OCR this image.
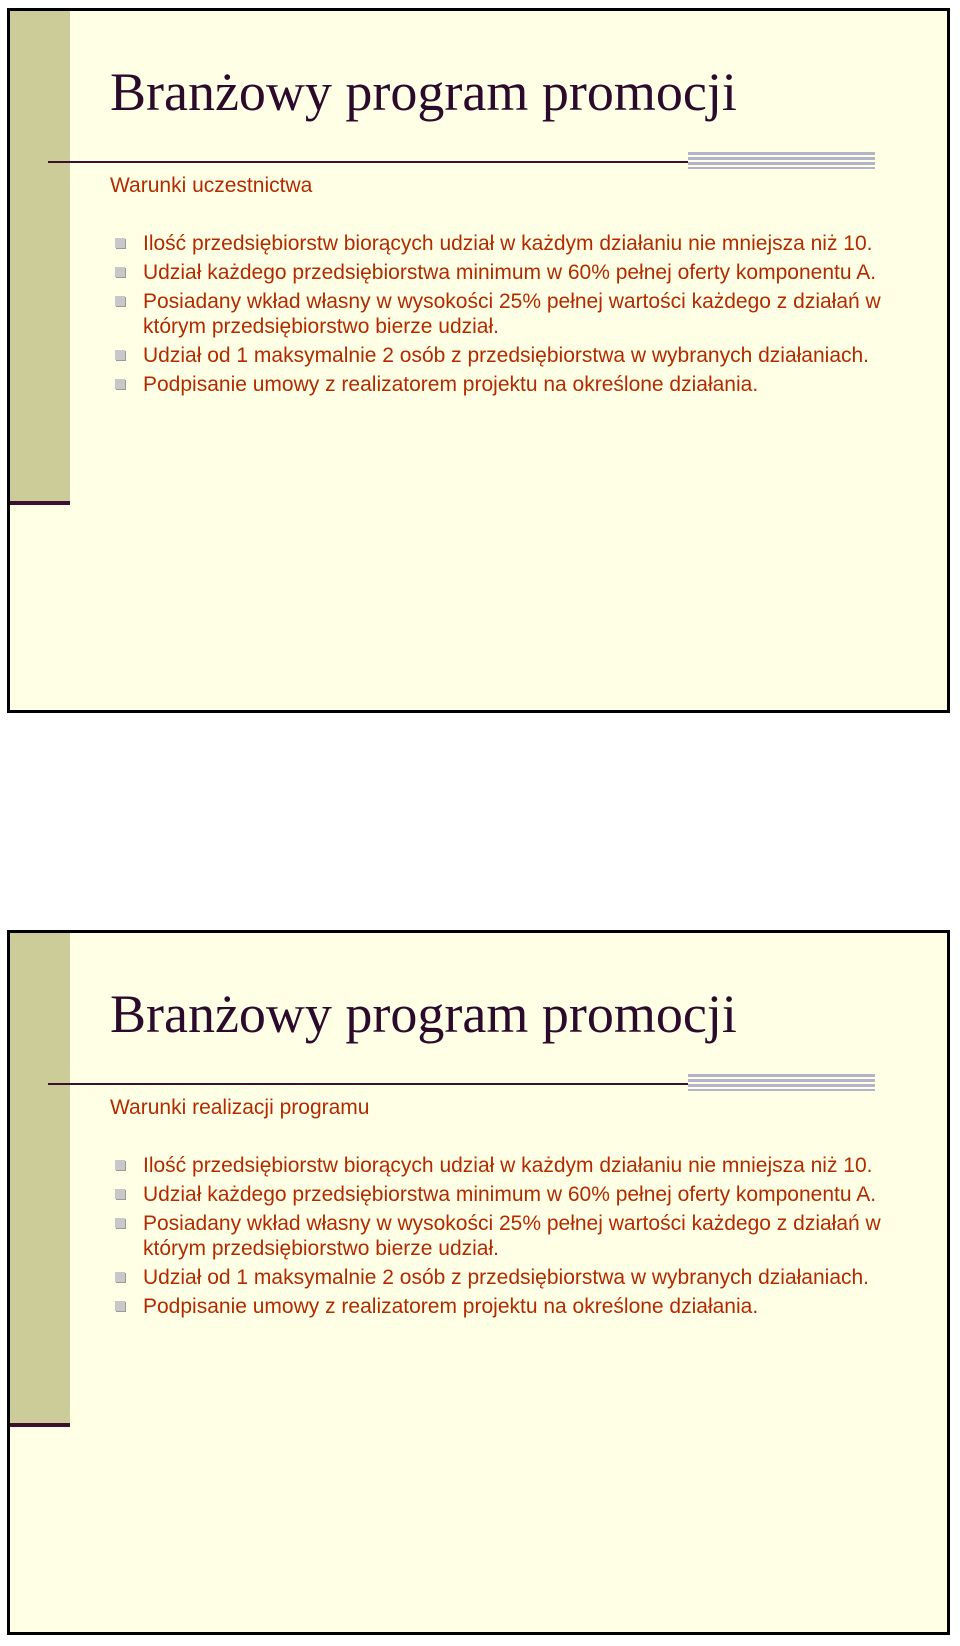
Branżowy program promocji

Warunki uczestnictwa

Ilość przedsiębiorstw biorących udział w każdym działaniu nie mniejsza niż 10.
Udział każdego przedsiębiorstwa minimum w 60% pełnej oferty komponentu A.
Posiadany wkład własny w wysokości 25% pełnej wartości każdego z działań w którym przedsiębiorstwo bierze udział.
Udział od 1 maksymalnie 2 osób z przedsiębiorstwa w wybranych działaniach.
Podpisanie umowy z realizatorem projektu na określone działania.
Branżowy program promocji

Warunki realizacji programu

Ilość przedsiębiorstw biorących udział w każdym działaniu nie mniejsza niż 10.
Udział każdego przedsiębiorstwa minimum w 60% pełnej oferty komponentu A.
Posiadany wkład własny w wysokości 25% pełnej wartości każdego z działań w którym przedsiębiorstwo bierze udział.
Udział od 1 maksymalnie 2 osób z przedsiębiorstwa w wybranych działaniach.
Podpisanie umowy z realizatorem projektu na określone działania.
